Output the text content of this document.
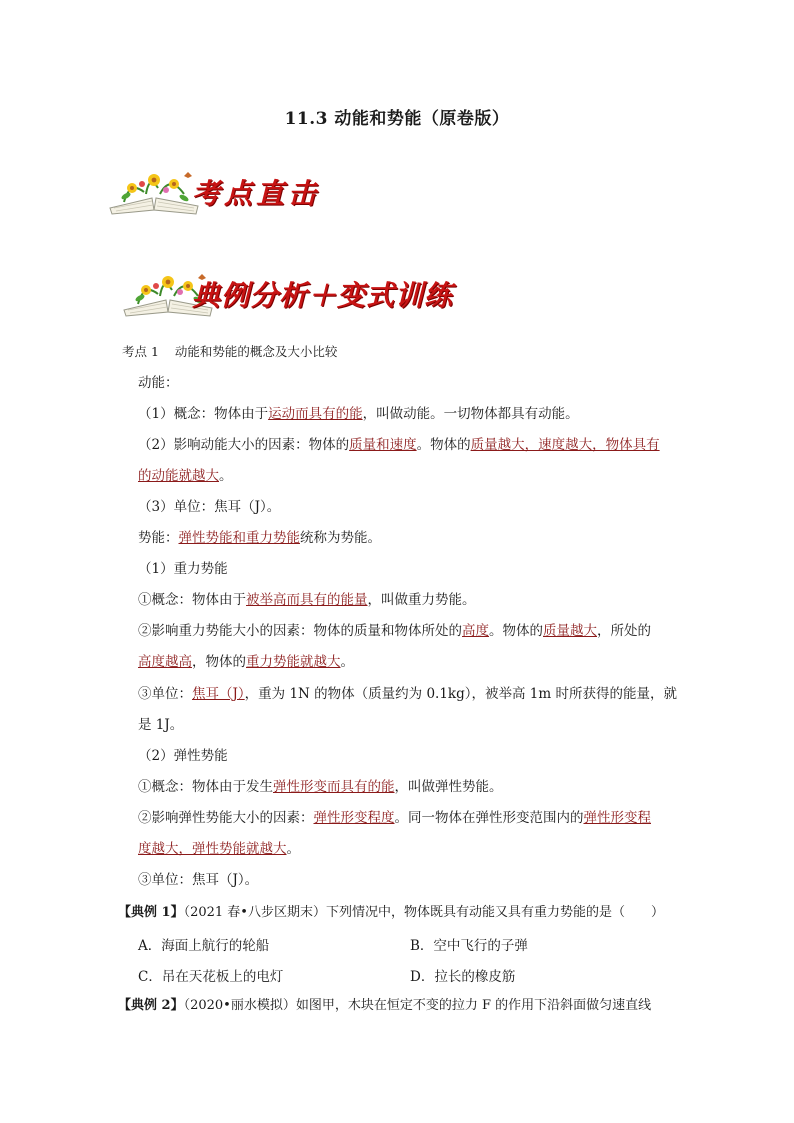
11.3 动能和势能（原卷版）
考点直击
典例分析＋变式训练
考点 1 动能和势能的概念及大小比较
动能：
（1）概念：物体由于运动而具有的能，叫做动能。一切物体都具有动能。
（2）影响动能大小的因素：物体的质量和速度。物体的质量越大，速度越大，物体具有
的动能就越大。
（3）单位：焦耳（J）。
势能：弹性势能和重力势能统称为势能。
（1）重力势能
①概念：物体由于被举高而具有的能量，叫做重力势能。
②影响重力势能大小的因素：物体的质量和物体所处的高度。物体的质量越大，所处的
高度越高，物体的重力势能就越大。
③单位：焦耳（J），重为 1N 的物体（质量约为 0.1kg），被举高 1m 时所获得的能量，就
是 1J。
（2）弹性势能
①概念：物体由于发生弹性形变而具有的能，叫做弹性势能。
②影响弹性势能大小的因素：弹性形变程度。同一物体在弹性形变范围内的弹性形变程
度越大，弹性势能就越大。
③单位：焦耳（J）。
【典例 1】（2021 春•八步区期末）下列情况中，物体既具有动能又具有重力势能的是（　　）
A．海面上航行的轮船	B．空中飞行的子弹
C．吊在天花板上的电灯	D．拉长的橡皮筋
【典例 2】（2020•丽水模拟）如图甲，木块在恒定不变的拉力 F 的作用下沿斜面做匀速直线
